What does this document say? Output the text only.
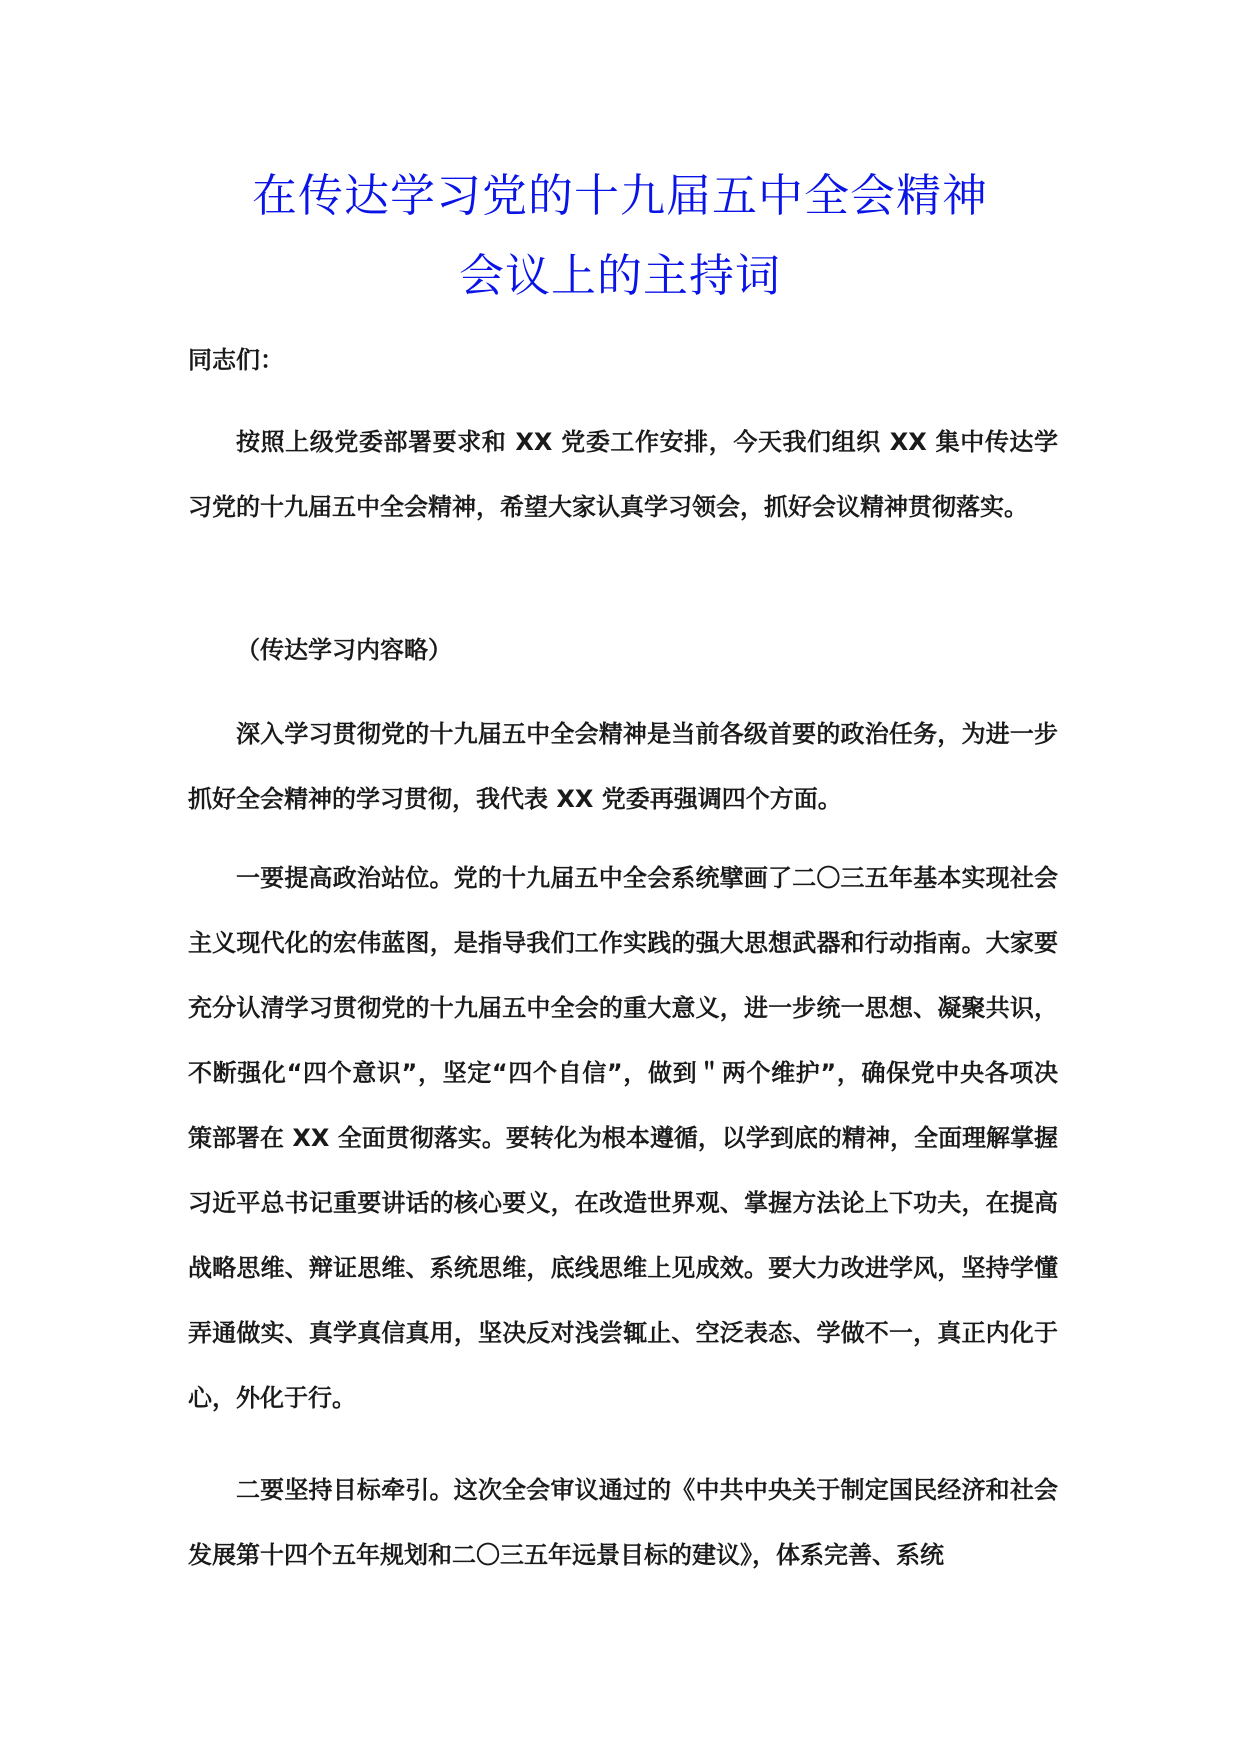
在传达学习党的十九届五中全会精神
会议上的主持词

同志们：

按照上级党委部署要求和 XX 党委工作安排，今天我们组织 XX 集中传达学习党的十九届五中全会精神，希望大家认真学习领会，抓好会议精神贯彻落实。

（传达学习内容略）

深入学习贯彻党的十九届五中全会精神是当前各级首要的政治任务，为进一步抓好全会精神的学习贯彻，我代表 XX 党委再强调四个方面。

一要提高政治站位。党的十九届五中全会系统擘画了二〇三五年基本实现社会主义现代化的宏伟蓝图，是指导我们工作实践的强大思想武器和行动指南。大家要充分认清学习贯彻党的十九届五中全会的重大意义，进一步统一思想、凝聚共识，不断强化“四个意识”，坚定“四个自信”，做到＂两个维护”，确保党中央各项决策部署在 XX 全面贯彻落实。要转化为根本遵循，以学到底的精神，全面理解掌握习近平总书记重要讲话的核心要义，在改造世界观、掌握方法论上下功夫，在提高战略思维、辩证思维、系统思维，底线思维上见成效。要大力改进学风，坚持学懂弄通做实、真学真信真用，坚决反对浅尝辄止、空泛表态、学做不一，真正内化于心，外化于行。

二要坚持目标牵引。这次全会审议通过的《中共中央关于制定国民经济和社会发展第十四个五年规划和二〇三五年远景目标的建议》，体系完善、系统
